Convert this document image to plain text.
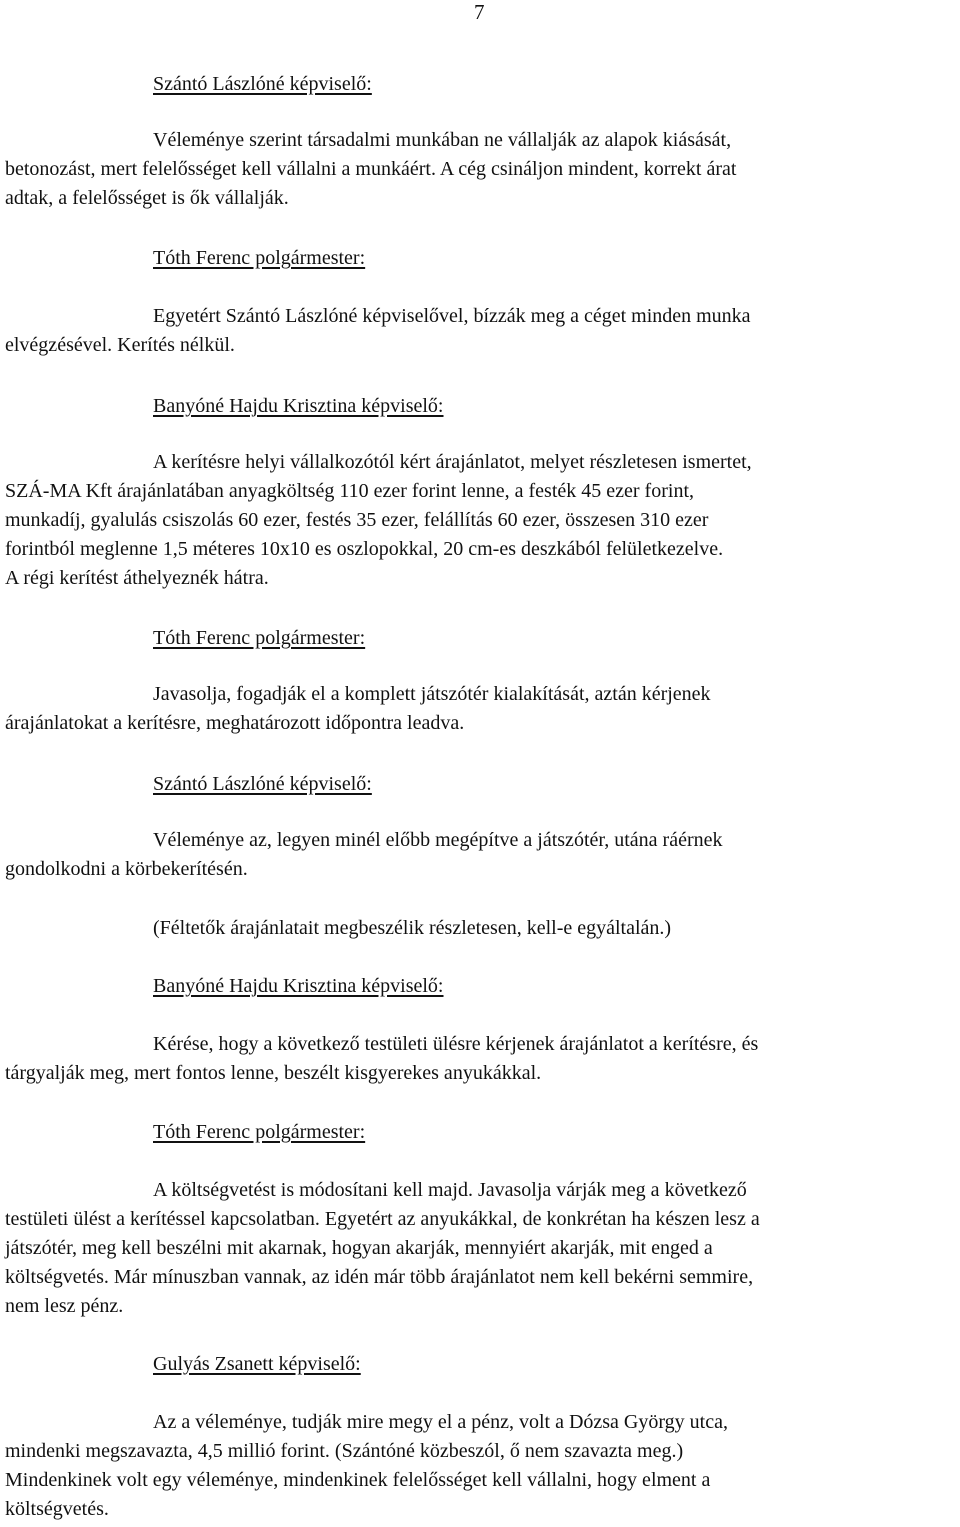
7
Szántó Lászlóné képviselő:

Véleménye szerint társadalmi munkában ne vállalják az alapok kiásását,
betonozást, mert felelősséget kell vállalni a munkáért. A cég csináljon mindent, korrekt árat
adtak, a felelősséget is ők vállalják.

Tóth Ferenc polgármester:

Egyetért Szántó Lászlóné képviselővel, bízzák meg a céget minden munka
elvégzésével. Kerítés nélkül.

Banyóné Hajdu Krisztina képviselő:

A kerítésre helyi vállalkozótól kért árajánlatot, melyet részletesen ismertet,
SZÁ-MA Kft árajánlatában anyagköltség 110 ezer forint lenne, a festék 45 ezer forint,
munkadíj, gyalulás csiszolás 60 ezer, festés 35 ezer, felállítás 60 ezer, összesen 310 ezer
forintból meglenne 1,5 méteres 10x10 es oszlopokkal, 20 cm-es deszkából felületkezelve.
A régi kerítést áthelyeznék hátra.

Tóth Ferenc polgármester:

Javasolja, fogadják el a komplett játszótér kialakítását, aztán kérjenek
árajánlatokat a kerítésre, meghatározott időpontra leadva.

Szántó Lászlóné képviselő:

Véleménye az, legyen minél előbb megépítve a játszótér, utána ráérnek
gondolkodni a körbekerítésén.

(Féltetők árajánlatait megbeszélik részletesen, kell-e egyáltalán.)
Banyóné Hajdu Krisztina képviselő:

Kérése, hogy a következő testületi ülésre kérjenek árajánlatot a kerítésre, és
tárgyalják meg, mert fontos lenne, beszélt kisgyerekes anyukákkal.

Tóth Ferenc polgármester:

A költségvetést is módosítani kell majd. Javasolja várják meg a következő
testületi ülést a kerítéssel kapcsolatban. Egyetért az anyukákkal, de konkrétan ha készen lesz a
játszótér, meg kell beszélni mit akarnak, hogyan akarják, mennyiért akarják, mit enged a
költségvetés. Már mínuszban vannak, az idén már több árajánlatot nem kell bekérni semmire,
nem lesz pénz.

Gulyás Zsanett képviselő:

Az a véleménye, tudják mire megy el a pénz, volt a Dózsa György utca,
mindenki megszavazta, 4,5 millió forint. (Szántóné közbeszól, ő nem szavazta meg.)
Mindenkinek volt egy véleménye, mindenkinek felelősséget kell vállalni, hogy elment a
költségvetés.
